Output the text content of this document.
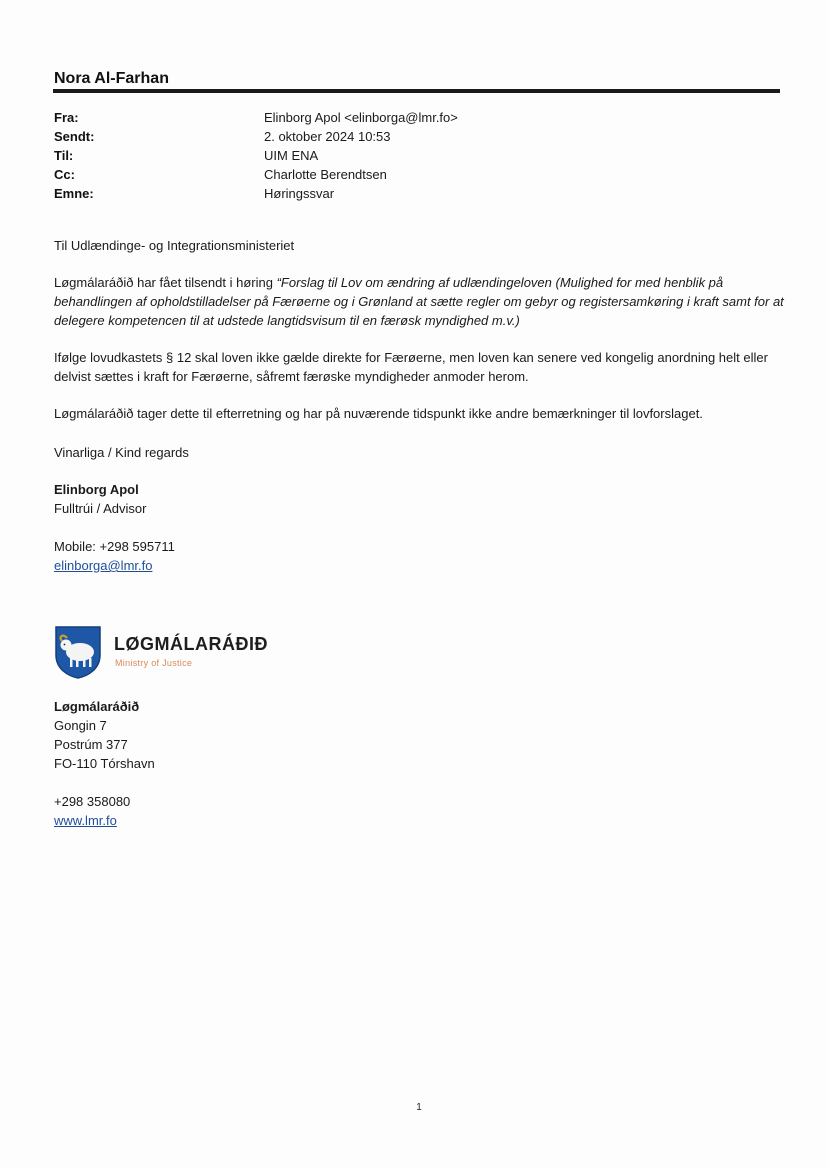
Nora Al-Farhan
Fra:	Elinborg Apol <elinborga@lmr.fo>
Sendt:	2. oktober 2024 10:53
Til:	UIM ENA
Cc:	Charlotte Berendtsen
Emne:	Høringssvar

Til Udlændinge- og Integrationsministeriet

Løgmálaráðið har fået tilsendt i høring “Forslag til Lov om ændring af udlændingeloven (Mulighed for med henblik på behandlingen af opholdstilladelser på Færøerne og i Grønland at sætte regler om gebyr og registersamkøring i kraft samt for at delegere kompetencen til at udstede langtidsvisum til en færøsk myndighed m.v.)

Ifølge lovudkastets § 12 skal loven ikke gælde direkte for Færøerne, men loven kan senere ved kongelig anordning helt eller delvist sættes i kraft for Færøerne, såfremt færøske myndigheder anmoder herom.

Løgmálaráðið tager dette til efterretning og har på nuværende tidspunkt ikke andre bemærkninger til lovforslaget.

Vinarliga / Kind regards

Elinborg Apol

Fulltrúi / Advisor

Mobile: +298 595711

elinborga@lmr.fo

LØGMÁLARÁÐIÐ
Ministry of Justice

Løgmálaráðið

Gongin 7

Postrúm 377

FO-110 Tórshavn

+298 358080

www.lmr.fo

1
